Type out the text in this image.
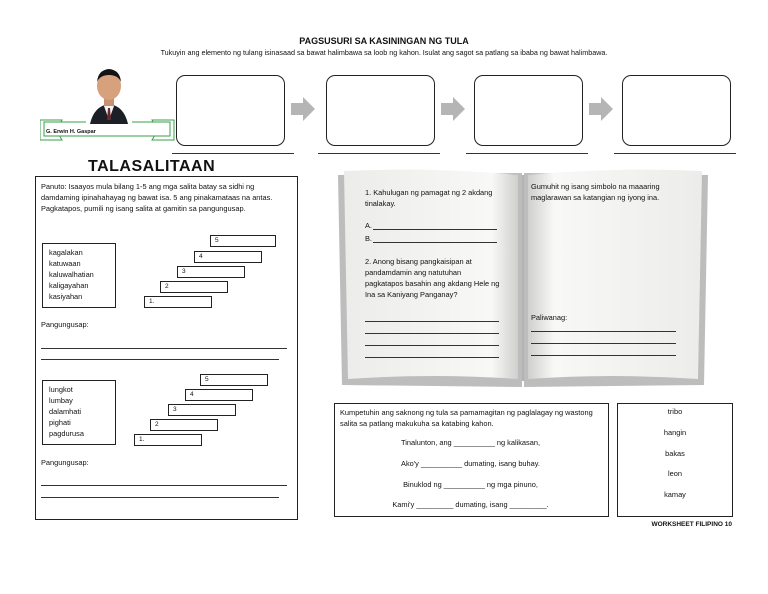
PAGSUSURI SA KASININGAN NG TULA
Tukuyin ang elemento ng tulang isinasaad sa bawat halimbawa sa loob ng kahon. Isulat ang sagot sa patlang sa ibaba ng bawat halimbawa.
G. Erwin H. Gaspar
TALASALITAAN
Panuto: Isaayos mula bilang 1-5 ang mga salita batay sa sidhi ng damdaming ipinahahayag ng bawat isa. 5 ang pinakamataas na antas. Pagkatapos, pumili ng isang salita at gamitin sa pangungusap.
kagalakan
katuwaan
kaluwalhatian
kaligayahan
kasiyahan
5
4
3
2
1.
Pangungusap:
lungkot
lumbay
dalamhati
pighati
pagdurusa
5
4
3
2
1.
Pangungusap:
1. Kahulugan ng pamagat ng 2 akdang tinalakay.
A.
B.
2. Anong bisang pangkaisipan at pandamdamin ang natutuhan pagkatapos basahin ang akdang Hele ng Ina sa Kaniyang Panganay?
Gumuhit ng isang simbolo na maaaring maglarawan sa katangian ng iyong ina.
Paliwanag:
Kumpetuhin ang saknong ng tula sa pamamagitan ng paglalagay ng wastong salita sa patlang makukuha sa katabing kahon.
Tinalunton, ang __________ ng kalikasan,
Ako'y __________ dumating, isang buhay.
Binuklod ng __________ ng mga pinuno,
Kami'y _________ dumating, isang _________.
tribo
hangin
bakas
leon
kamay
WORKSHEET FILIPINO 10
